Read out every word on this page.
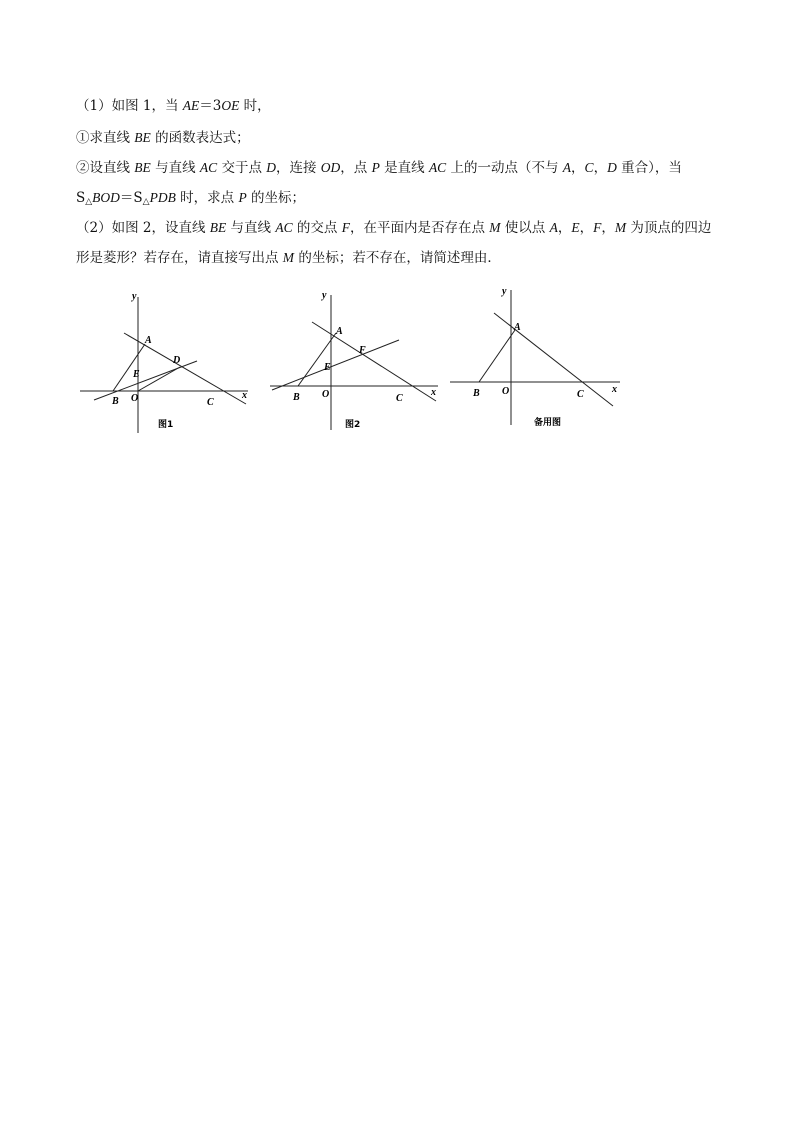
（1）如图 1，当 AE＝3OE 时，
①求直线 BE 的函数表达式；
②设直线 BE 与直线 AC 交于点 D，连接 OD，点 P 是直线 AC 上的一动点（不与 A，C，D 重合），当
$S_\triangle BOD=S_\triangle PDB$ 时，求点 P 的坐标；
（2）如图 2，设直线 BE 与直线 AC 的交点 F，在平面内是否存在点 M 使以点 A，E，F，M 为顶点的四边
形是菱形？若存在，请直接写出点 M 的坐标；若不存在，请简述理由．
y
x
A
D
E
B O	C
图1
y
x
A
F
E
B O	C
图2
y
x
A
B O	C
备用图
